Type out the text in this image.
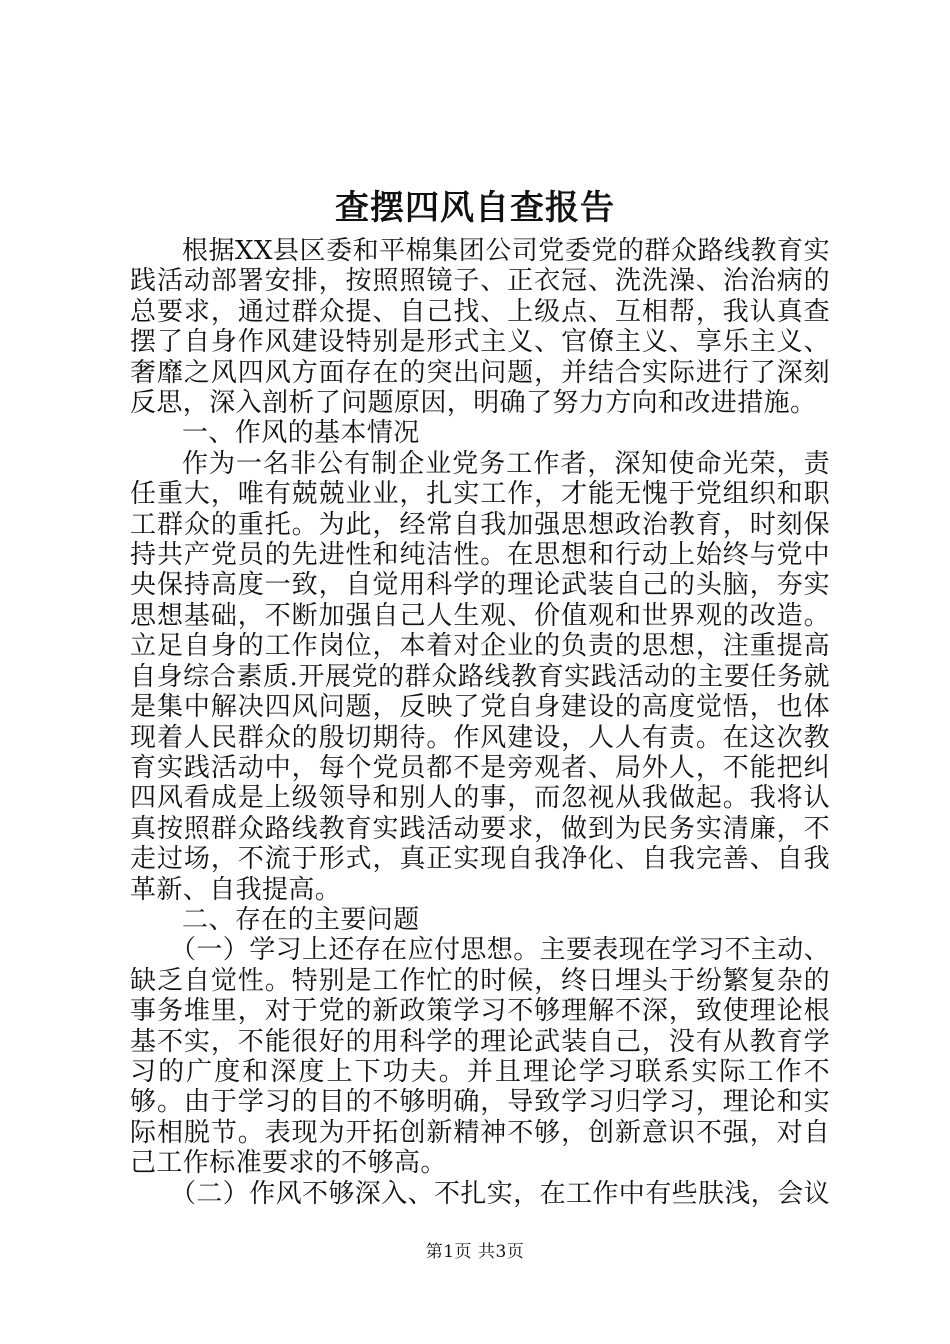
查摆四风自查报告

根据XX县区委和平棉集团公司党委党的群众路线教育实践活动部署安排，按照照镜子、正衣冠、洗洗澡、治治病的总要求，通过群众提、自己找、上级点、互相帮，我认真查摆了自身作风建设特别是形式主义、官僚主义、享乐主义、奢靡之风四风方面存在的突出问题，并结合实际进行了深刻反思，深入剖析了问题原因，明确了努力方向和改进措施。

一、作风的基本情况

作为一名非公有制企业党务工作者，深知使命光荣，责任重大，唯有兢兢业业，扎实工作，才能无愧于党组织和职工群众的重托。为此，经常自我加强思想政治教育，时刻保持共产党员的先进性和纯洁性。在思想和行动上始终与党中央保持高度一致，自觉用科学的理论武装自己的头脑，夯实思想基础，不断加强自己人生观、价值观和世界观的改造。立足自身的工作岗位，本着对企业的负责的思想，注重提高自身综合素质.开展党的群众路线教育实践活动的主要任务就是集中解决四风问题，反映了党自身建设的高度觉悟，也体现着人民群众的殷切期待。作风建设，人人有责。在这次教育实践活动中，每个党员都不是旁观者、局外人，不能把纠四风看成是上级领导和别人的事，而忽视从我做起。我将认真按照群众路线教育实践活动要求，做到为民务实清廉，不走过场，不流于形式，真正实现自我净化、自我完善、自我革新、自我提高。

二、存在的主要问题

（一）学习上还存在应付思想。主要表现在学习不主动、缺乏自觉性。特别是工作忙的时候，终日埋头于纷繁复杂的事务堆里，对于党的新政策学习不够理解不深，致使理论根基不实，不能很好的用科学的理论武装自己，没有从教育学习的广度和深度上下功夫。并且理论学习联系实际工作不够。由于学习的目的不够明确，导致学习归学习，理论和实际相脱节。表现为开拓创新精神不够，创新意识不强，对自己工作标准要求的不够高。

（二）作风不够深入、不扎实，在工作中有些肤浅，会议

第1页 共3页
